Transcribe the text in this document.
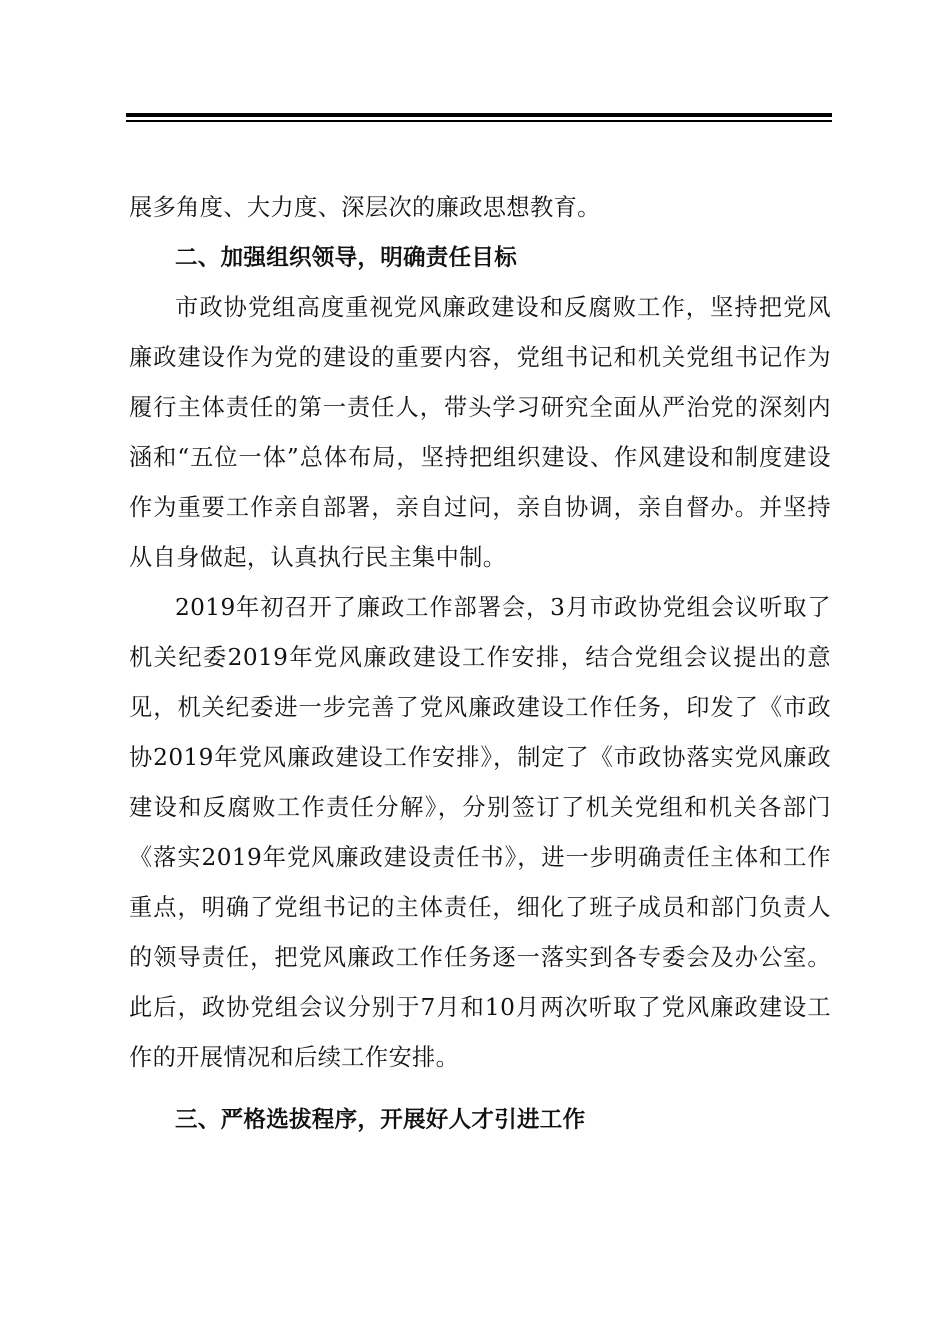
展多角度、大力度、深层次的廉政思想教育。

二、加强组织领导，明确责任目标

市政协党组高度重视党风廉政建设和反腐败工作，坚持把党风廉政建设作为党的建设的重要内容，党组书记和机关党组书记作为履行主体责任的第一责任人，带头学习研究全面从严治党的深刻内涵和“五位一体”总体布局，坚持把组织建设、作风建设和制度建设作为重要工作亲自部署，亲自过问，亲自协调，亲自督办。并坚持从自身做起，认真执行民主集中制。

2019年初召开了廉政工作部署会，3月市政协党组会议听取了机关纪委2019年党风廉政建设工作安排，结合党组会议提出的意见，机关纪委进一步完善了党风廉政建设工作任务，印发了《市政协2019年党风廉政建设工作安排》，制定了《市政协落实党风廉政建设和反腐败工作责任分解》，分别签订了机关党组和机关各部门《落实2019年党风廉政建设责任书》，进一步明确责任主体和工作重点，明确了党组书记的主体责任，细化了班子成员和部门负责人的领导责任，把党风廉政工作任务逐一落实到各专委会及办公室。此后，政协党组会议分别于7月和10月两次听取了党风廉政建设工作的开展情况和后续工作安排。

三、严格选拔程序，开展好人才引进工作
